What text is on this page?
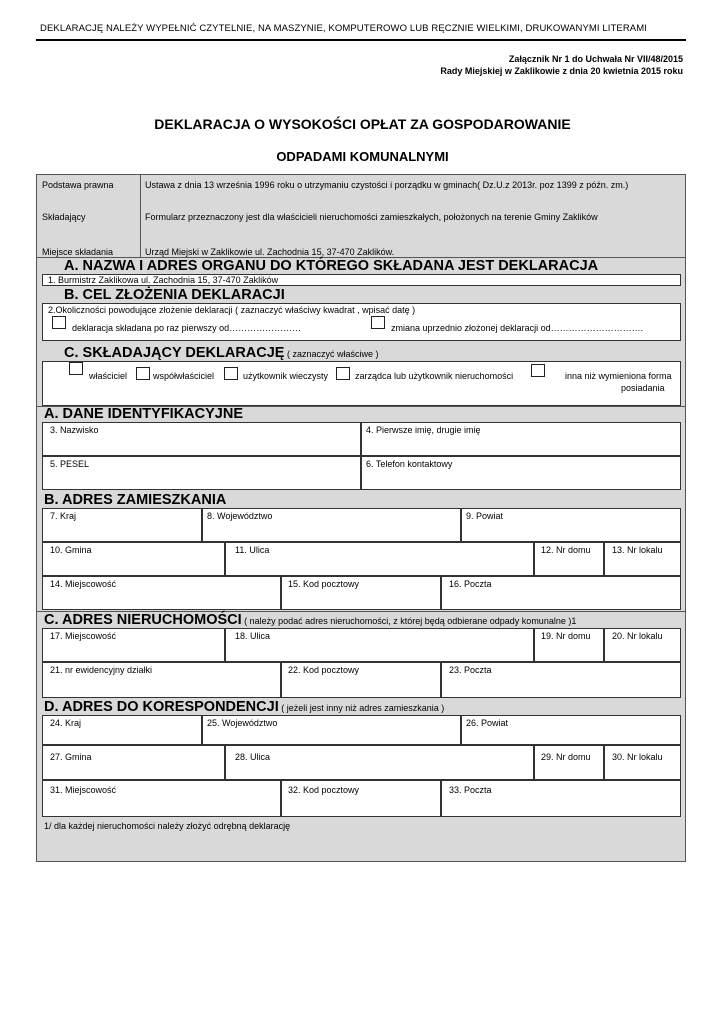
DEKLARACJĘ NALEŻY WYPEŁNIĆ CZYTELNIE, NA MASZYNIE, KOMPUTEROWO LUB RĘCZNIE WIELKIMI, DRUKOWANYMI LITERAMI
Załącznik Nr 1 do Uchwała Nr VII/48/2015
Rady Miejskiej w Zaklikowie z dnia 20 kwietnia 2015 roku
DEKLARACJA O WYSOKOŚCI OPŁAT ZA GOSPODAROWANIE
ODPADAMI KOMUNALNYMI
Podstawa prawna	Ustawa z dnia 13 września 1996 roku o utrzymaniu czystości i porządku w gminach( Dz.U.z 2013r. poz 1399 z późn. zm.)
Składający	Formularz przeznaczony jest dla właścicieli nieruchomości zamieszkałych, położonych na terenie Gminy Zaklików
Miejsce składania	Urząd Miejski w Zaklikowie ul. Zachodnia 15, 37-470 Zaklików.
A. NAZWA I ADRES ORGANU DO KTÓREGO SKŁADANA JEST DEKLARACJA
1. Burmistrz Zaklikowa ul. Zachodnia 15, 37-470 Zaklików
B. CEL ZŁOŻENIA DEKLARACJI
2.Okoliczności powodujące złożenie deklaracji ( zaznaczyć właściwy kwadrat , wpisać datę )
deklaracja składana po raz pierwszy od……………………	zmiana uprzednio złożonej deklaracji od………………………….
C. SKŁADAJĄCY DEKLARACJĘ ( zaznaczyć właściwe )
właściciel	współwłaściciel	użytkownik wieczysty	zarządca lub użytkownik nieruchomości	inna niż wymieniona forma
posiadania
A. DANE IDENTYFIKACYJNE
3. Nazwisko	4. Pierwsze imię, drugie imię
5. PESEL	6. Telefon kontaktowy
B. ADRES ZAMIESZKANIA
7. Kraj	8. Województwo	9. Powiat
10. Gmina	11. Ulica	12. Nr domu 13. Nr lokalu
14. Miejscowość	15. Kod pocztowy	16. Poczta
C. ADRES NIERUCHOMOŚCI ( należy podać adres nieruchomości, z której będą odbierane odpady komunalne )1
17. Miejscowość	18. Ulica	19. Nr domu 20. Nr lokalu
21. nr ewidencyjny działki	22. Kod pocztowy	23. Poczta
D. ADRES DO KORESPONDENCJI ( jeżeli jest inny niż adres zamieszkania )
24. Kraj	25. Województwo	26. Powiat
27. Gmina	28. Ulica	29. Nr domu 30. Nr lokalu
31. Miejscowość	32. Kod pocztowy	33. Poczta
1/ dla każdej nieruchomości należy złożyć odrębną deklarację
